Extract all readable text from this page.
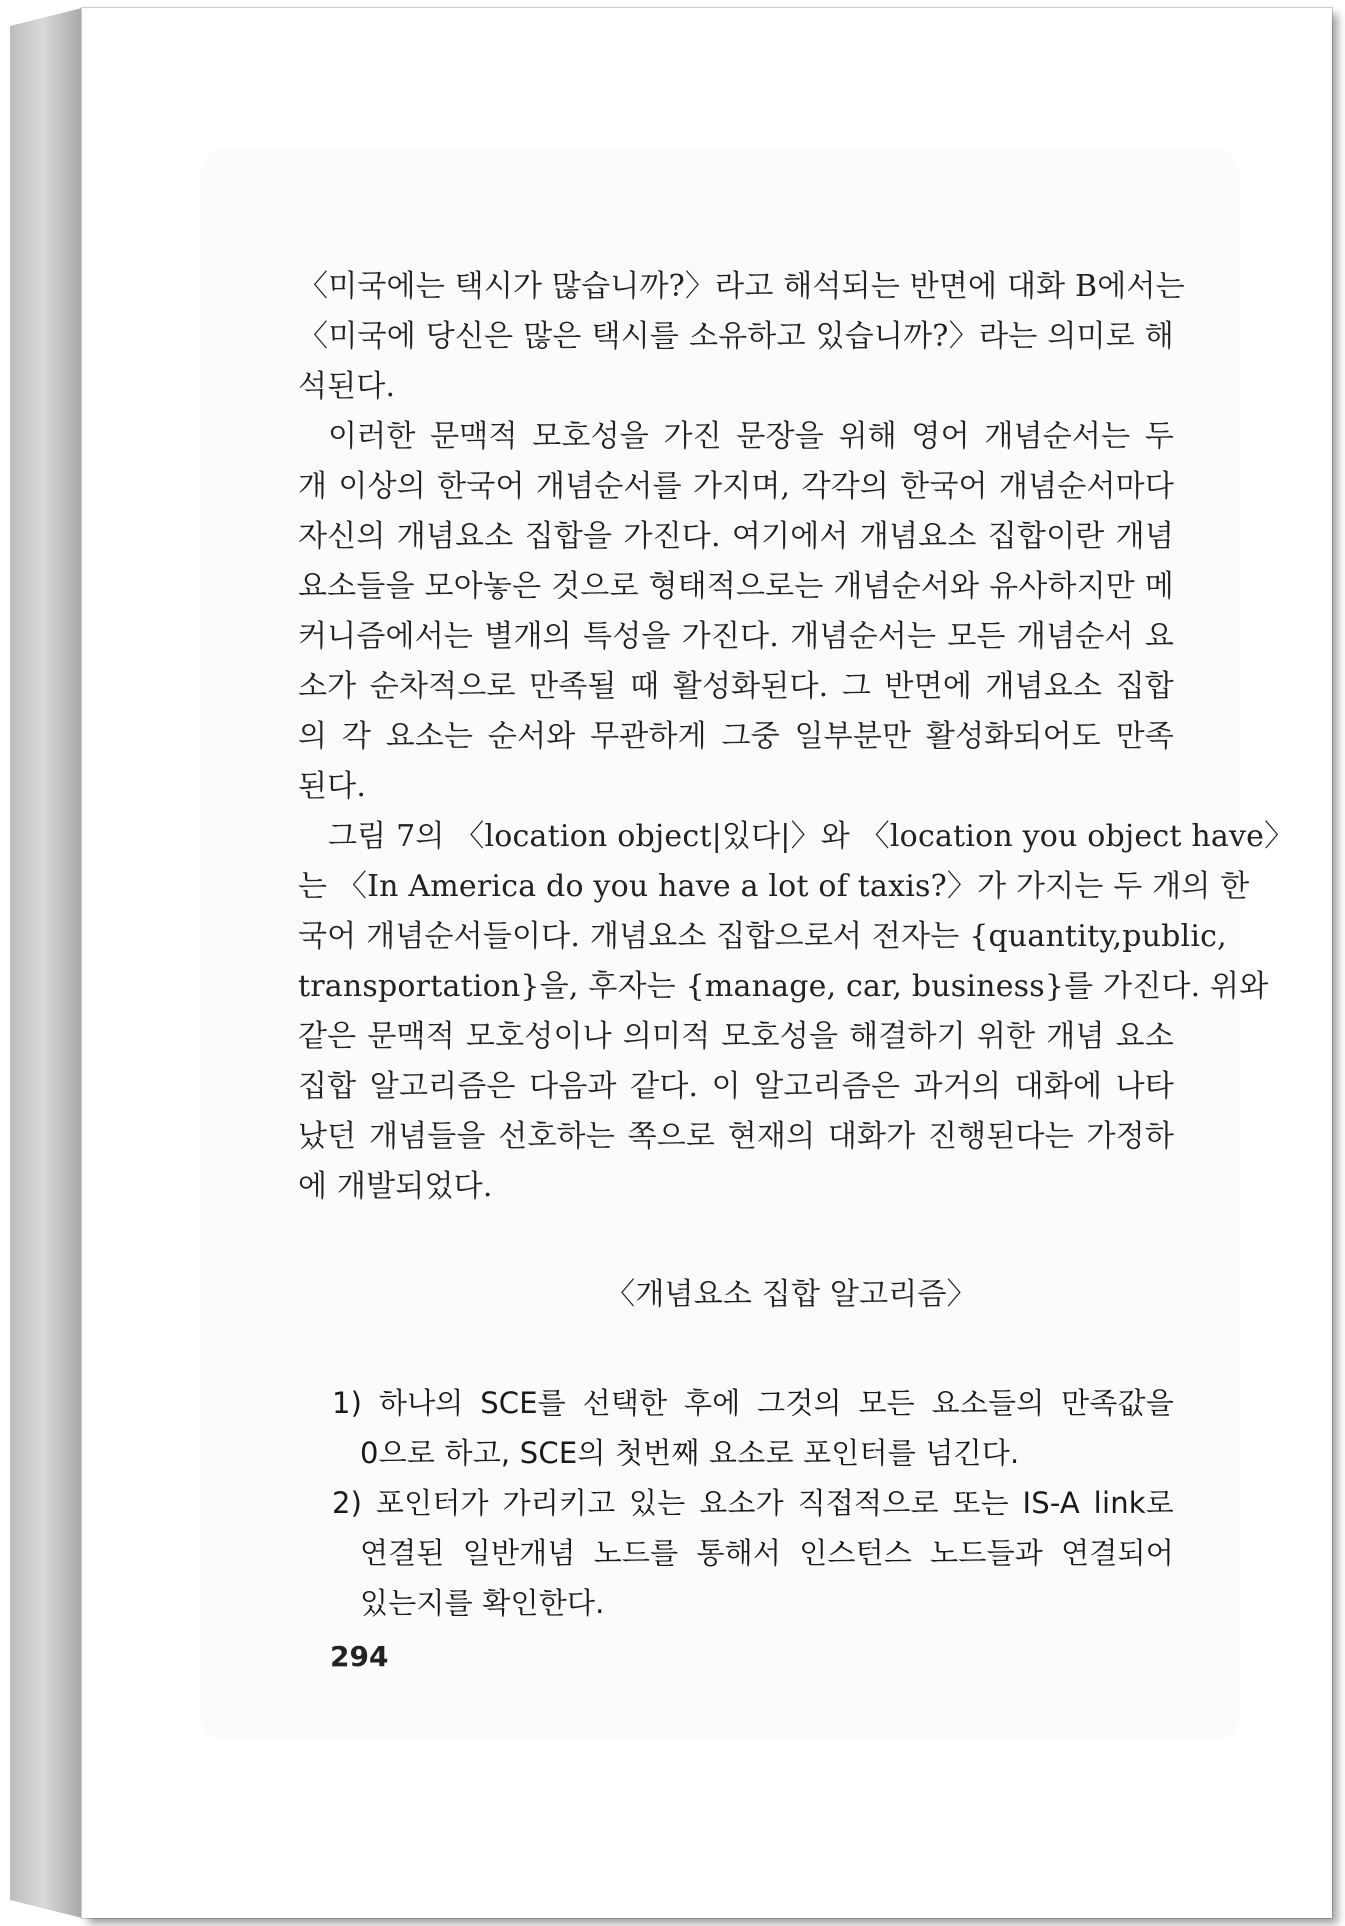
〈미국에는 택시가 많습니까?〉라고 해석되는 반면에 대화 B에서는
〈미국에 당신은 많은 택시를 소유하고 있습니까?〉라는 의미로 해
석된다.
이러한 문맥적 모호성을 가진 문장을 위해 영어 개념순서는 두
개 이상의 한국어 개념순서를 가지며, 각각의 한국어 개념순서마다
자신의 개념요소 집합을 가진다. 여기에서 개념요소 집합이란 개념
요소들을 모아놓은 것으로 형태적으로는 개념순서와 유사하지만 메
커니즘에서는 별개의 특성을 가진다. 개념순서는 모든 개념순서 요
소가 순차적으로 만족될 때 활성화된다. 그 반면에 개념요소 집합
의 각 요소는 순서와 무관하게 그중 일부분만 활성화되어도 만족
된다.
그림 7의 〈location object|있다|〉와 〈location you object have〉
는 〈In America do you have a lot of taxis?〉가 가지는 두 개의 한
국어 개념순서들이다. 개념요소 집합으로서 전자는 {quantity,public,
transportation}을, 후자는 {manage, car, business}를 가진다. 위와
같은 문맥적 모호성이나 의미적 모호성을 해결하기 위한 개념 요소
집합 알고리즘은 다음과 같다. 이 알고리즘은 과거의 대화에 나타
났던 개념들을 선호하는 쪽으로 현재의 대화가 진행된다는 가정하
에 개발되었다.
〈개념요소 집합 알고리즘〉
1) 하나의 SCE를 선택한 후에 그것의 모든 요소들의 만족값을
0으로 하고, SCE의 첫번째 요소로 포인터를 넘긴다.
2) 포인터가 가리키고 있는 요소가 직접적으로 또는 IS-A link로
연결된 일반개념 노드를 통해서 인스턴스 노드들과 연결되어
있는지를 확인한다.
294
